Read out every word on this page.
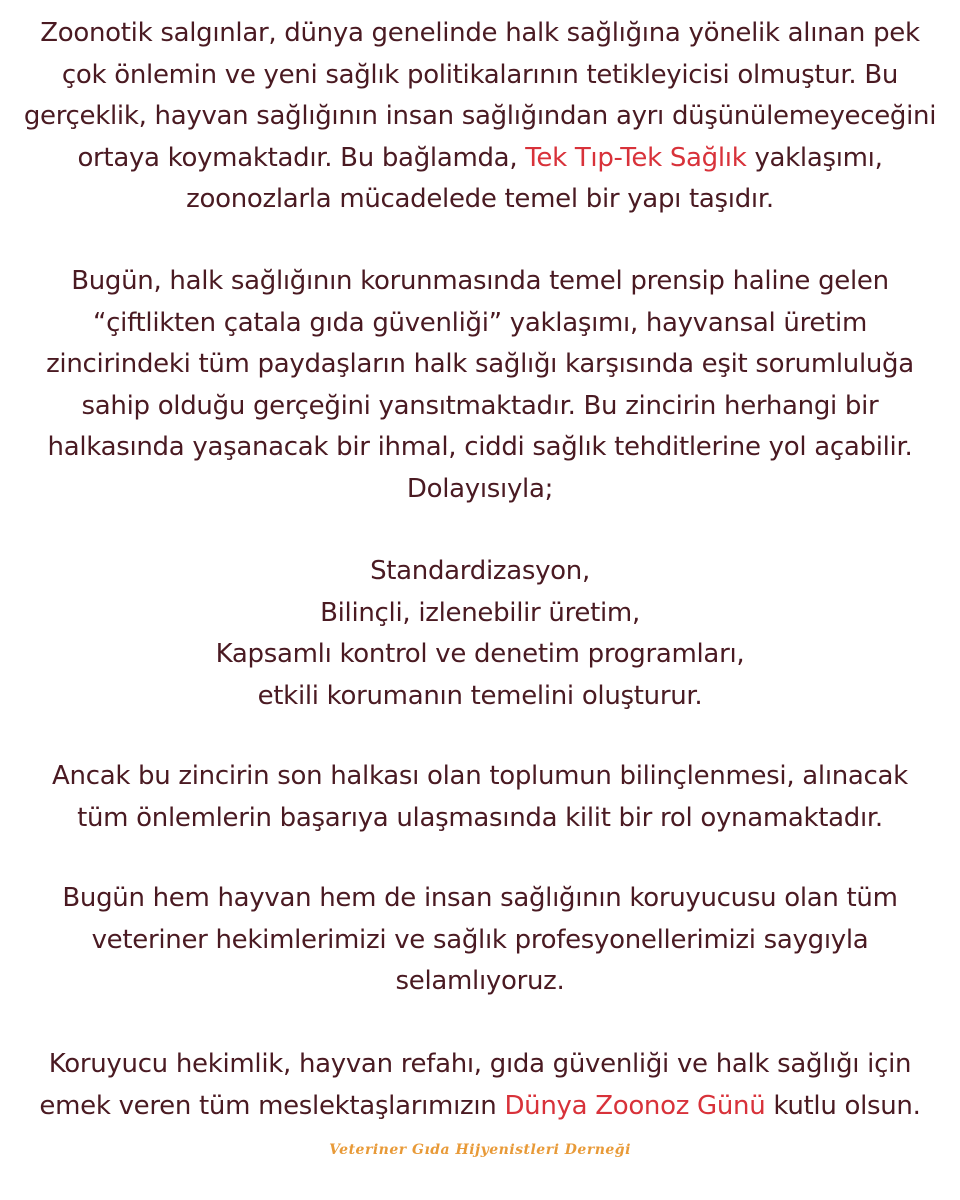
Zoonotik salgınlar, dünya genelinde halk sağlığına yönelik alınan pek
çok önlemin ve yeni sağlık politikalarının tetikleyicisi olmuştur. Bu
gerçeklik, hayvan sağlığının insan sağlığından ayrı düşünülemeyeceğini
ortaya koymaktadır. Bu bağlamda, Tek Tıp-Tek Sağlık yaklaşımı,
zoonozlarla mücadelede temel bir yapı taşıdır.

Bugün, halk sağlığının korunmasında temel prensip haline gelen
“çiftlikten çatala gıda güvenliği” yaklaşımı, hayvansal üretim
zincirindeki tüm paydaşların halk sağlığı karşısında eşit sorumluluğa
sahip olduğu gerçeğini yansıtmaktadır. Bu zincirin herhangi bir
halkasında yaşanacak bir ihmal, ciddi sağlık tehditlerine yol açabilir.
Dolayısıyla;

Standardizasyon,
Bilinçli, izlenebilir üretim,
Kapsamlı kontrol ve denetim programları,
etkili korumanın temelini oluşturur.

Ancak bu zincirin son halkası olan toplumun bilinçlenmesi, alınacak
tüm önlemlerin başarıya ulaşmasında kilit bir rol oynamaktadır.

Bugün hem hayvan hem de insan sağlığının koruyucusu olan tüm
veteriner hekimlerimizi ve sağlık profesyonellerimizi saygıyla
selamlıyoruz.

Koruyucu hekimlik, hayvan refahı, gıda güvenliği ve halk sağlığı için
emek veren tüm meslektaşlarımızın Dünya Zoonoz Günü kutlu olsun.

Veteriner Gıda Hijyenistleri Derneği
